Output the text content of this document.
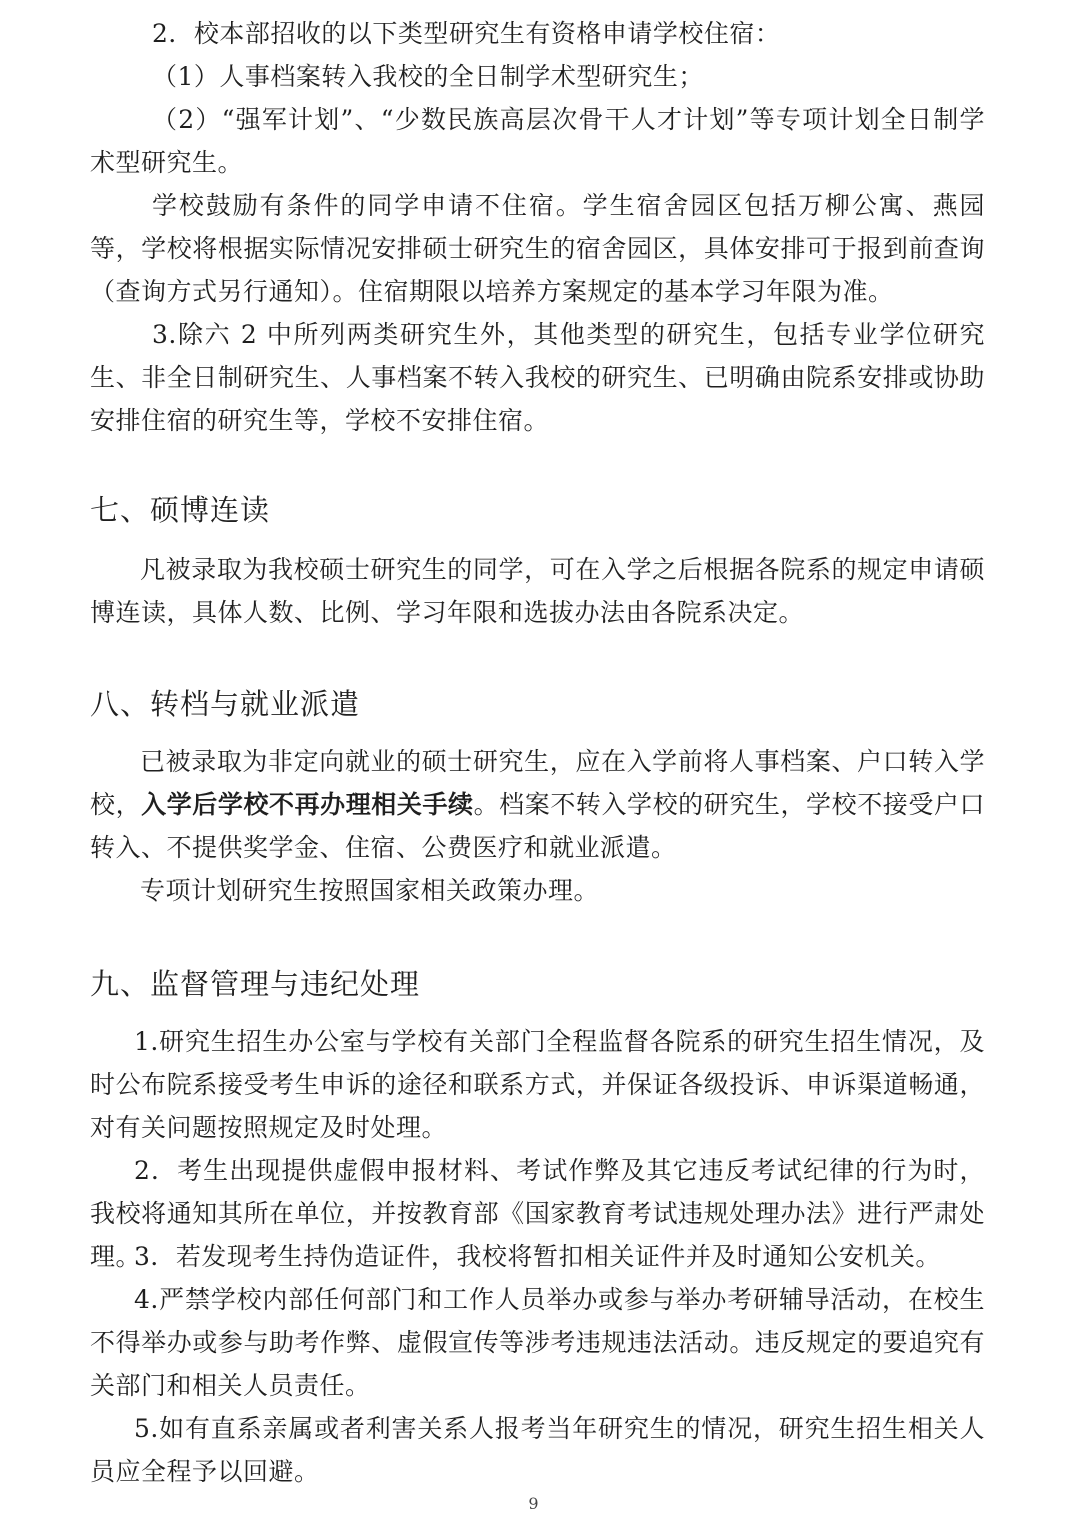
2．校本部招收的以下类型研究生有资格申请学校住宿：

（1）人事档案转入我校的全日制学术型研究生；

（2）“强军计划”、“少数民族高层次骨干人才计划”等专项计划全日制学术型研究生。

学校鼓励有条件的同学申请不住宿。学生宿舍园区包括万柳公寓、燕园等，学校将根据实际情况安排硕士研究生的宿舍园区，具体安排可于报到前查询（查询方式另行通知）。住宿期限以培养方案规定的基本学习年限为准。

3.除六 2 中所列两类研究生外，其他类型的研究生，包括专业学位研究生、非全日制研究生、人事档案不转入我校的研究生、已明确由院系安排或协助安排住宿的研究生等，学校不安排住宿。

七、硕博连读

凡被录取为我校硕士研究生的同学，可在入学之后根据各院系的规定申请硕博连读，具体人数、比例、学习年限和选拔办法由各院系决定。

八、转档与就业派遣

已被录取为非定向就业的硕士研究生，应在入学前将人事档案、户口转入学校，入学后学校不再办理相关手续。档案不转入学校的研究生，学校不接受户口转入、不提供奖学金、住宿、公费医疗和就业派遣。

专项计划研究生按照国家相关政策办理。

九、监督管理与违纪处理

1.研究生招生办公室与学校有关部门全程监督各院系的研究生招生情况，及时公布院系接受考生申诉的途径和联系方式，并保证各级投诉、申诉渠道畅通，对有关问题按照规定及时处理。

2．考生出现提供虚假申报材料、考试作弊及其它违反考试纪律的行为时，我校将通知其所在单位，并按教育部《国家教育考试违规处理办法》进行严肃处理。

3．若发现考生持伪造证件，我校将暂扣相关证件并及时通知公安机关。

4.严禁学校内部任何部门和工作人员举办或参与举办考研辅导活动，在校生不得举办或参与助考作弊、虚假宣传等涉考违规违法活动。违反规定的要追究有关部门和相关人员责任。

5.如有直系亲属或者利害关系人报考当年研究生的情况，研究生招生相关人员应全程予以回避。

9
